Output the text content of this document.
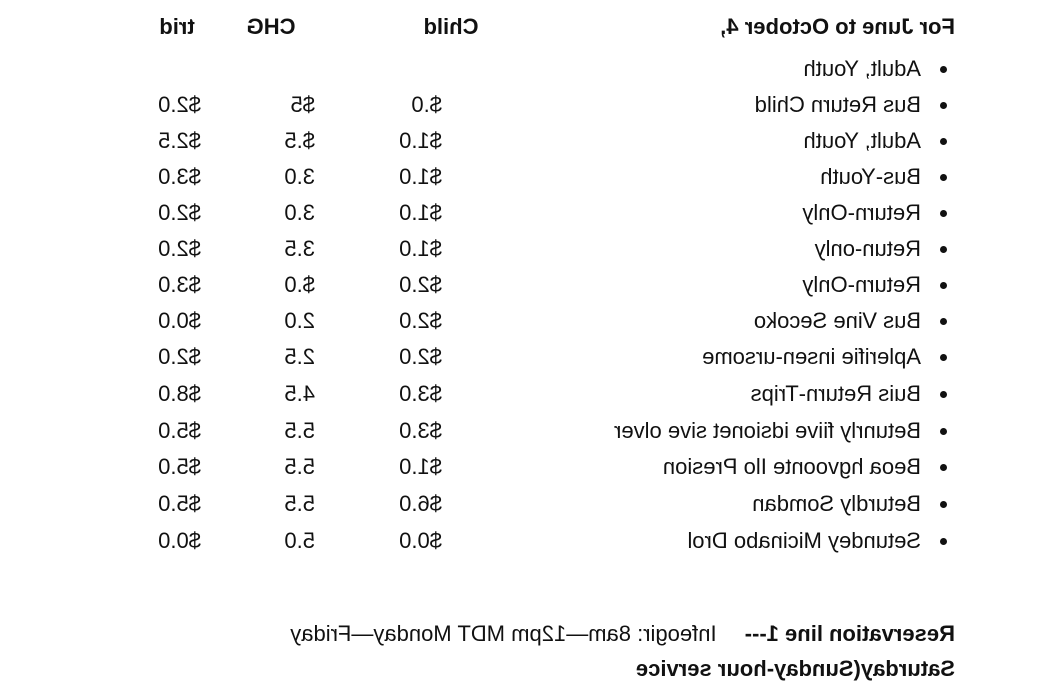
For June to October 4,
Child
CHG
trid
Adult, Youth
Bus Return Child
$.0
$5
$2.0
Adult, Youth
$1.0
$.5
$2.5
Bus-Youth
$1.0
3.0
$3.0
Return-Only
$1.0
3.0
$2.0
Retun-only
$1.0
3.5
$2.0
Return-Only
$2.0
$.0
$3.0
Bus Vine Secoko
$2.0
2.0
$0.0
Aplerifie insen-ursome
$2.0
2.5
$2.0
Buis Return-Trips
$3.0
4.5
$8.0
Betunrly fiive idsionet sive olver
$3.0
5.5
$5.0
Beoa hgvoonte Ilo Presion
$1.0
5.5
$5.0
Beturdly Somdan
$6.0
5.5
$5.0
Setundey Micinabo Drol
$0.0
5.0
$0.0
Reservation line 1--- Infeogir: 8am—12pm MDT Monday—Friday
Saturday(Sunday-hour service
